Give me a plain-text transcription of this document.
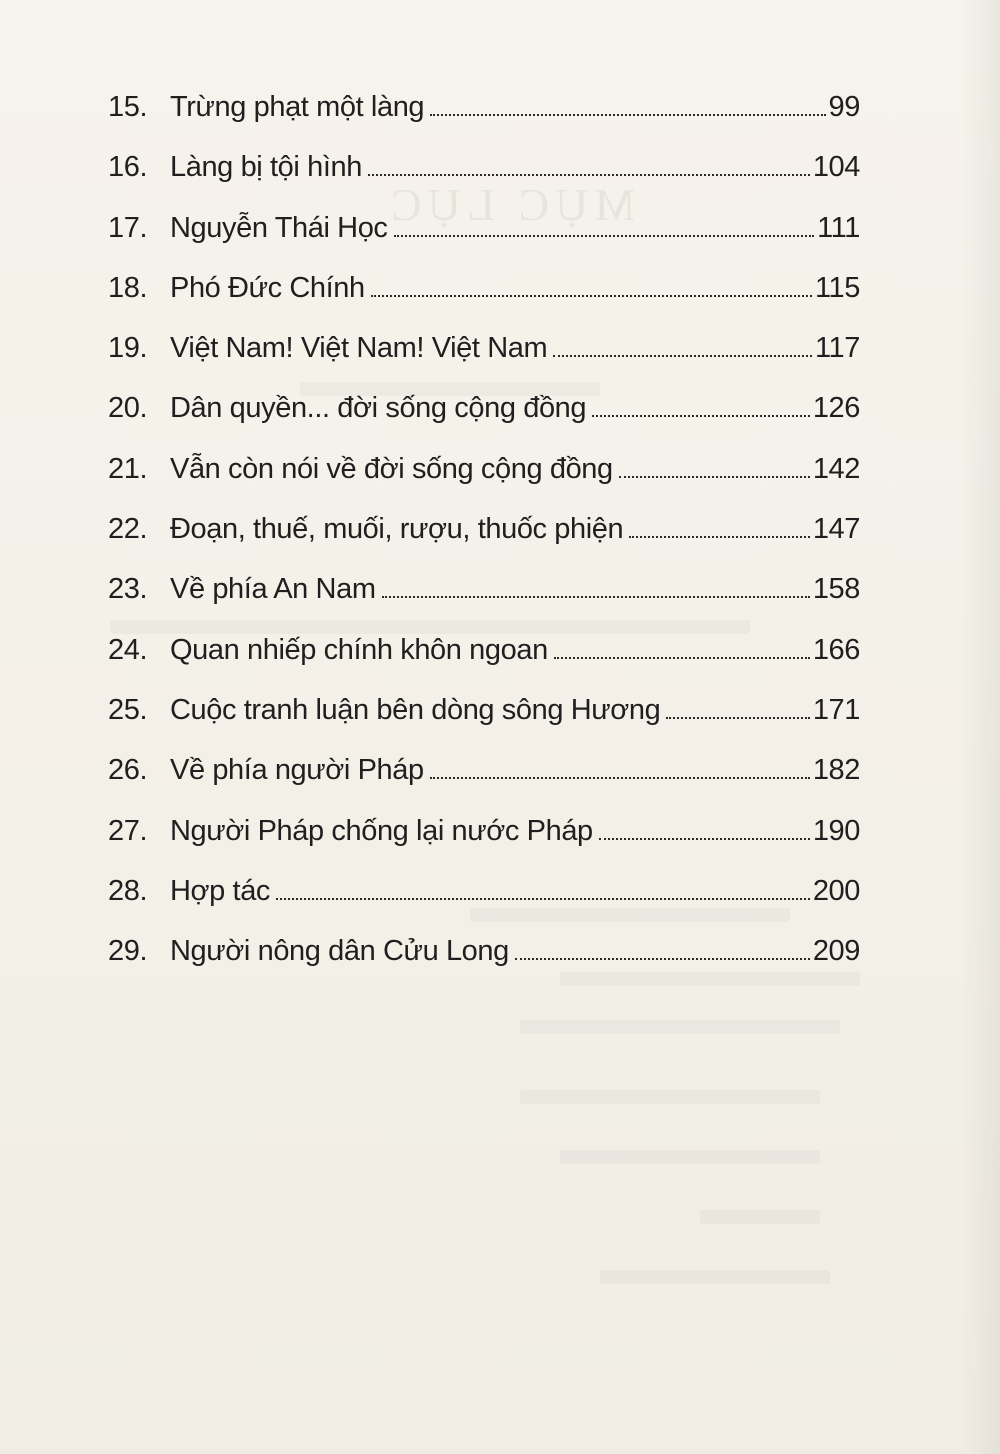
MỤC LỤC
15. Trừng phạt một làng	99
16. Làng bị tội hình	104
17. Nguyễn Thái Học	111
18. Phó Đức Chính	115
19. Việt Nam! Việt Nam! Việt Nam	117
20. Dân quyền... đời sống cộng đồng	126
21. Vẫn còn nói về đời sống cộng đồng	142
22. Đoạn, thuế, muối, rượu, thuốc phiện	147
23. Về phía An Nam	158
24. Quan nhiếp chính khôn ngoan	166
25. Cuộc tranh luận bên dòng sông Hương	171
26. Về phía người Pháp	182
27. Người Pháp chống lại nước Pháp	190
28. Hợp tác	200
29. Người nông dân Cửu Long	209
